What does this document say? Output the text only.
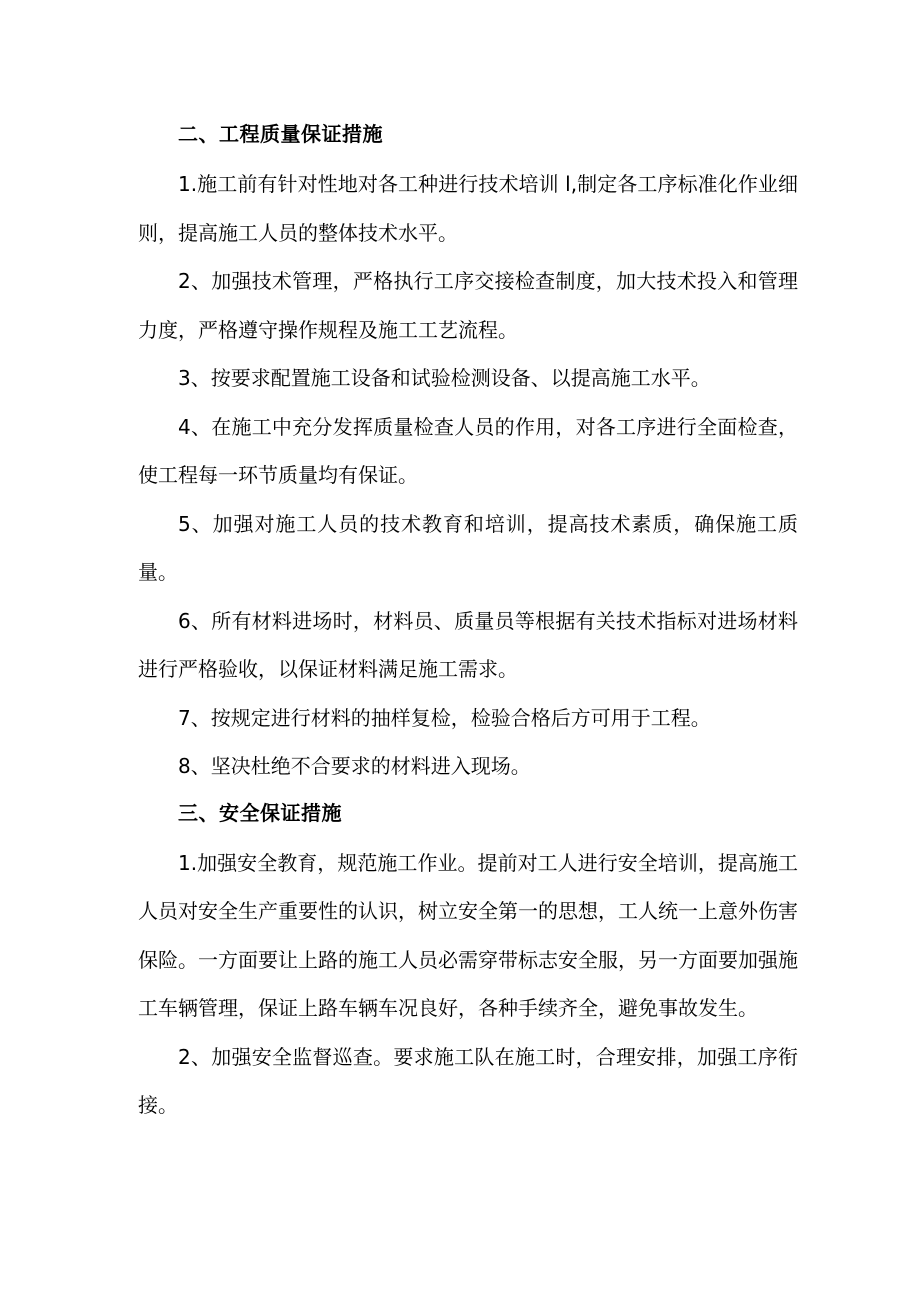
二、工程质量保证措施

1.施工前有针对性地对各工种进行技术培训 l,制定各工序标准化作业细则，提高施工人员的整体技术水平。

2、加强技术管理，严格执行工序交接检查制度，加大技术投入和管理力度，严格遵守操作规程及施工工艺流程。

3、按要求配置施工设备和试验检测设备、以提高施工水平。

4、在施工中充分发挥质量检查人员的作用，对各工序进行全面检查，使工程每一环节质量均有保证。

5、加强对施工人员的技术教育和培训，提高技术素质，确保施工质量。

6、所有材料进场时，材料员、质量员等根据有关技术指标对进场材料进行严格验收，以保证材料满足施工需求。

7、按规定进行材料的抽样复检，检验合格后方可用于工程。

8、坚决杜绝不合要求的材料进入现场。

三、安全保证措施

1.加强安全教育，规范施工作业。提前对工人进行安全培训，提高施工人员对安全生产重要性的认识，树立安全第一的思想，工人统一上意外伤害保险。一方面要让上路的施工人员必需穿带标志安全服，另一方面要加强施工车辆管理，保证上路车辆车况良好，各种手续齐全，避免事故发生。

2、加强安全监督巡查。要求施工队在施工时，合理安排，加强工序衔接。
